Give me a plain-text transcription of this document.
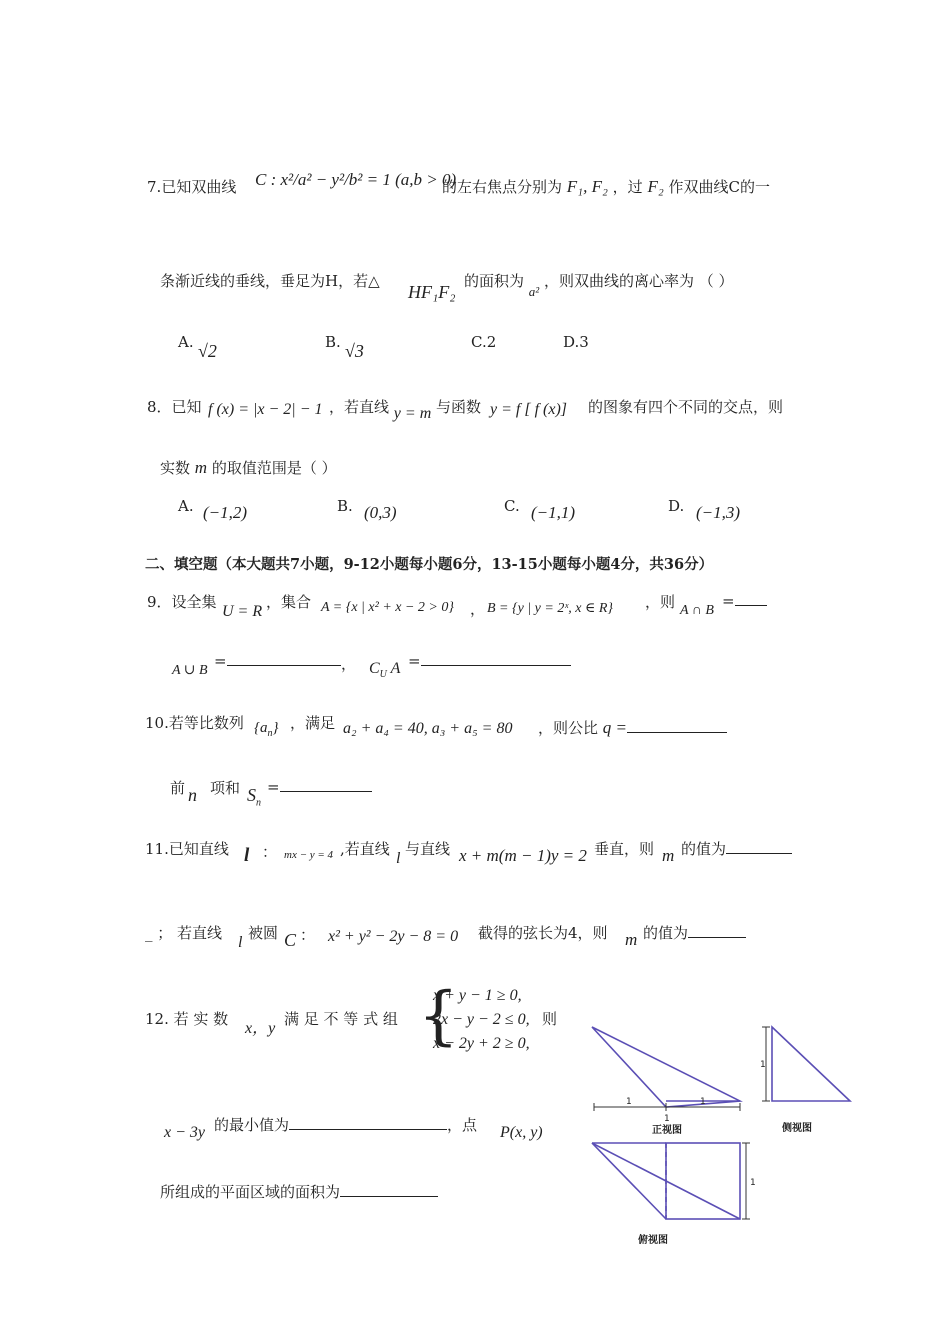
7.已知双曲线 C : x²/a² − y²/b² = 1 (a,b > 0)
的左右焦点分别为 F₁, F₂ ，过 F₂ 作双曲线C的一
条渐近线的垂线，垂足为H，若△
HF₁F₂
的面积为 a² ，则双曲线的离心率为 （ ）
A. √2	B. √3	C.2	D.3
8．已知 f (x) = |x − 2| − 1 ，若直线 y = m 与函数 y = f [ f (x)] 的图象有四个不同的交点，则
实数 m 的取值范围是（ ）
A. (−1,2)	B. (0,3)	C. (−1,1)	D. (−1,3)
二、填空题（本大题共7小题，9-12小题每小题6分，13-15小题每小题4分，共36分）
9．设全集
U = R
，集合 A = {x | x² + x − 2 > 0} ， B = {y | y = 2ˣ, x ∈ R} ，则 A ∩ B
=
A ∪ B
=	， $C_U$ A =
10.若等比数列 $\{a_n\}$ ，满足 a₂ + a₄ = 40, a₃ + a₅ = 80 ，则公比 q =
前 n 项和 $S_n$
=
11.已知直线 l ： mx − y = 4 ,若直线
l
与直线 x + m(m − 1)y = 2 垂直，则 m 的值为
_ ； 若直线
l
被圆 C ： x² + y² − 2y − 8 = 0 截得的弦长为4，则 m 的值为
12. 若 实 数
x，y
满 足 不 等 式 组 {
x + y − 1 ≥ 0,
2x − y − 2 ≤ 0,
x − 2y + 2 ≥ 0,
则
x − 3y 的最小值为	，点 P(x, y)
所组成的平面区域的面积为
1	1
1
正视图
1
侧视图
1
俯视图
